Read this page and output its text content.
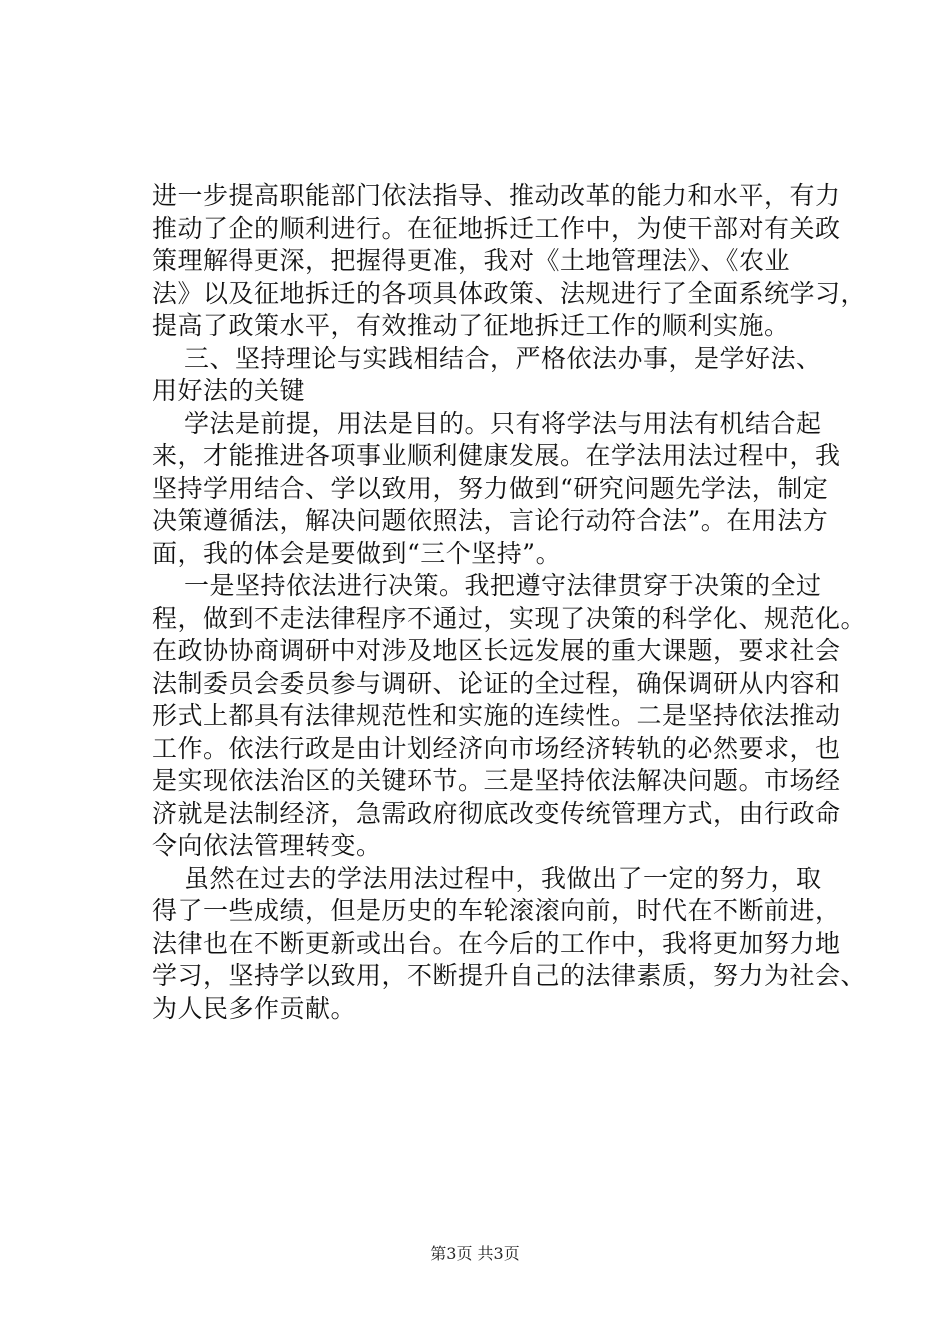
进一步提高职能部门依法指导、推动改革的能力和水平，有力
推动了企的顺利进行。在征地拆迁工作中，为使干部对有关政
策理解得更深，把握得更准，我对《土地管理法》、《农业
法》以及征地拆迁的各项具体政策、法规进行了全面系统学习，
提高了政策水平，有效推动了征地拆迁工作的顺利实施。
三、坚持理论与实践相结合，严格依法办事，是学好法、
用好法的关键
学法是前提，用法是目的。只有将学法与用法有机结合起
来，才能推进各项事业顺利健康发展。在学法用法过程中，我
坚持学用结合、学以致用，努力做到“研究问题先学法，制定
决策遵循法，解决问题依照法，言论行动符合法”。在用法方
面，我的体会是要做到“三个坚持”。
一是坚持依法进行决策。我把遵守法律贯穿于决策的全过
程，做到不走法律程序不通过，实现了决策的科学化、规范化。
在政协协商调研中对涉及地区长远发展的重大课题，要求社会
法制委员会委员参与调研、论证的全过程，确保调研从内容和
形式上都具有法律规范性和实施的连续性。二是坚持依法推动
工作。依法行政是由计划经济向市场经济转轨的必然要求，也
是实现依法治区的关键环节。三是坚持依法解决问题。市场经
济就是法制经济，急需政府彻底改变传统管理方式，由行政命
令向依法管理转变。
虽然在过去的学法用法过程中，我做出了一定的努力，取
得了一些成绩，但是历史的车轮滚滚向前，时代在不断前进，
法律也在不断更新或出台。在今后的工作中，我将更加努力地
学习，坚持学以致用，不断提升自己的法律素质，努力为社会、
为人民多作贡献。
第3页 共3页
